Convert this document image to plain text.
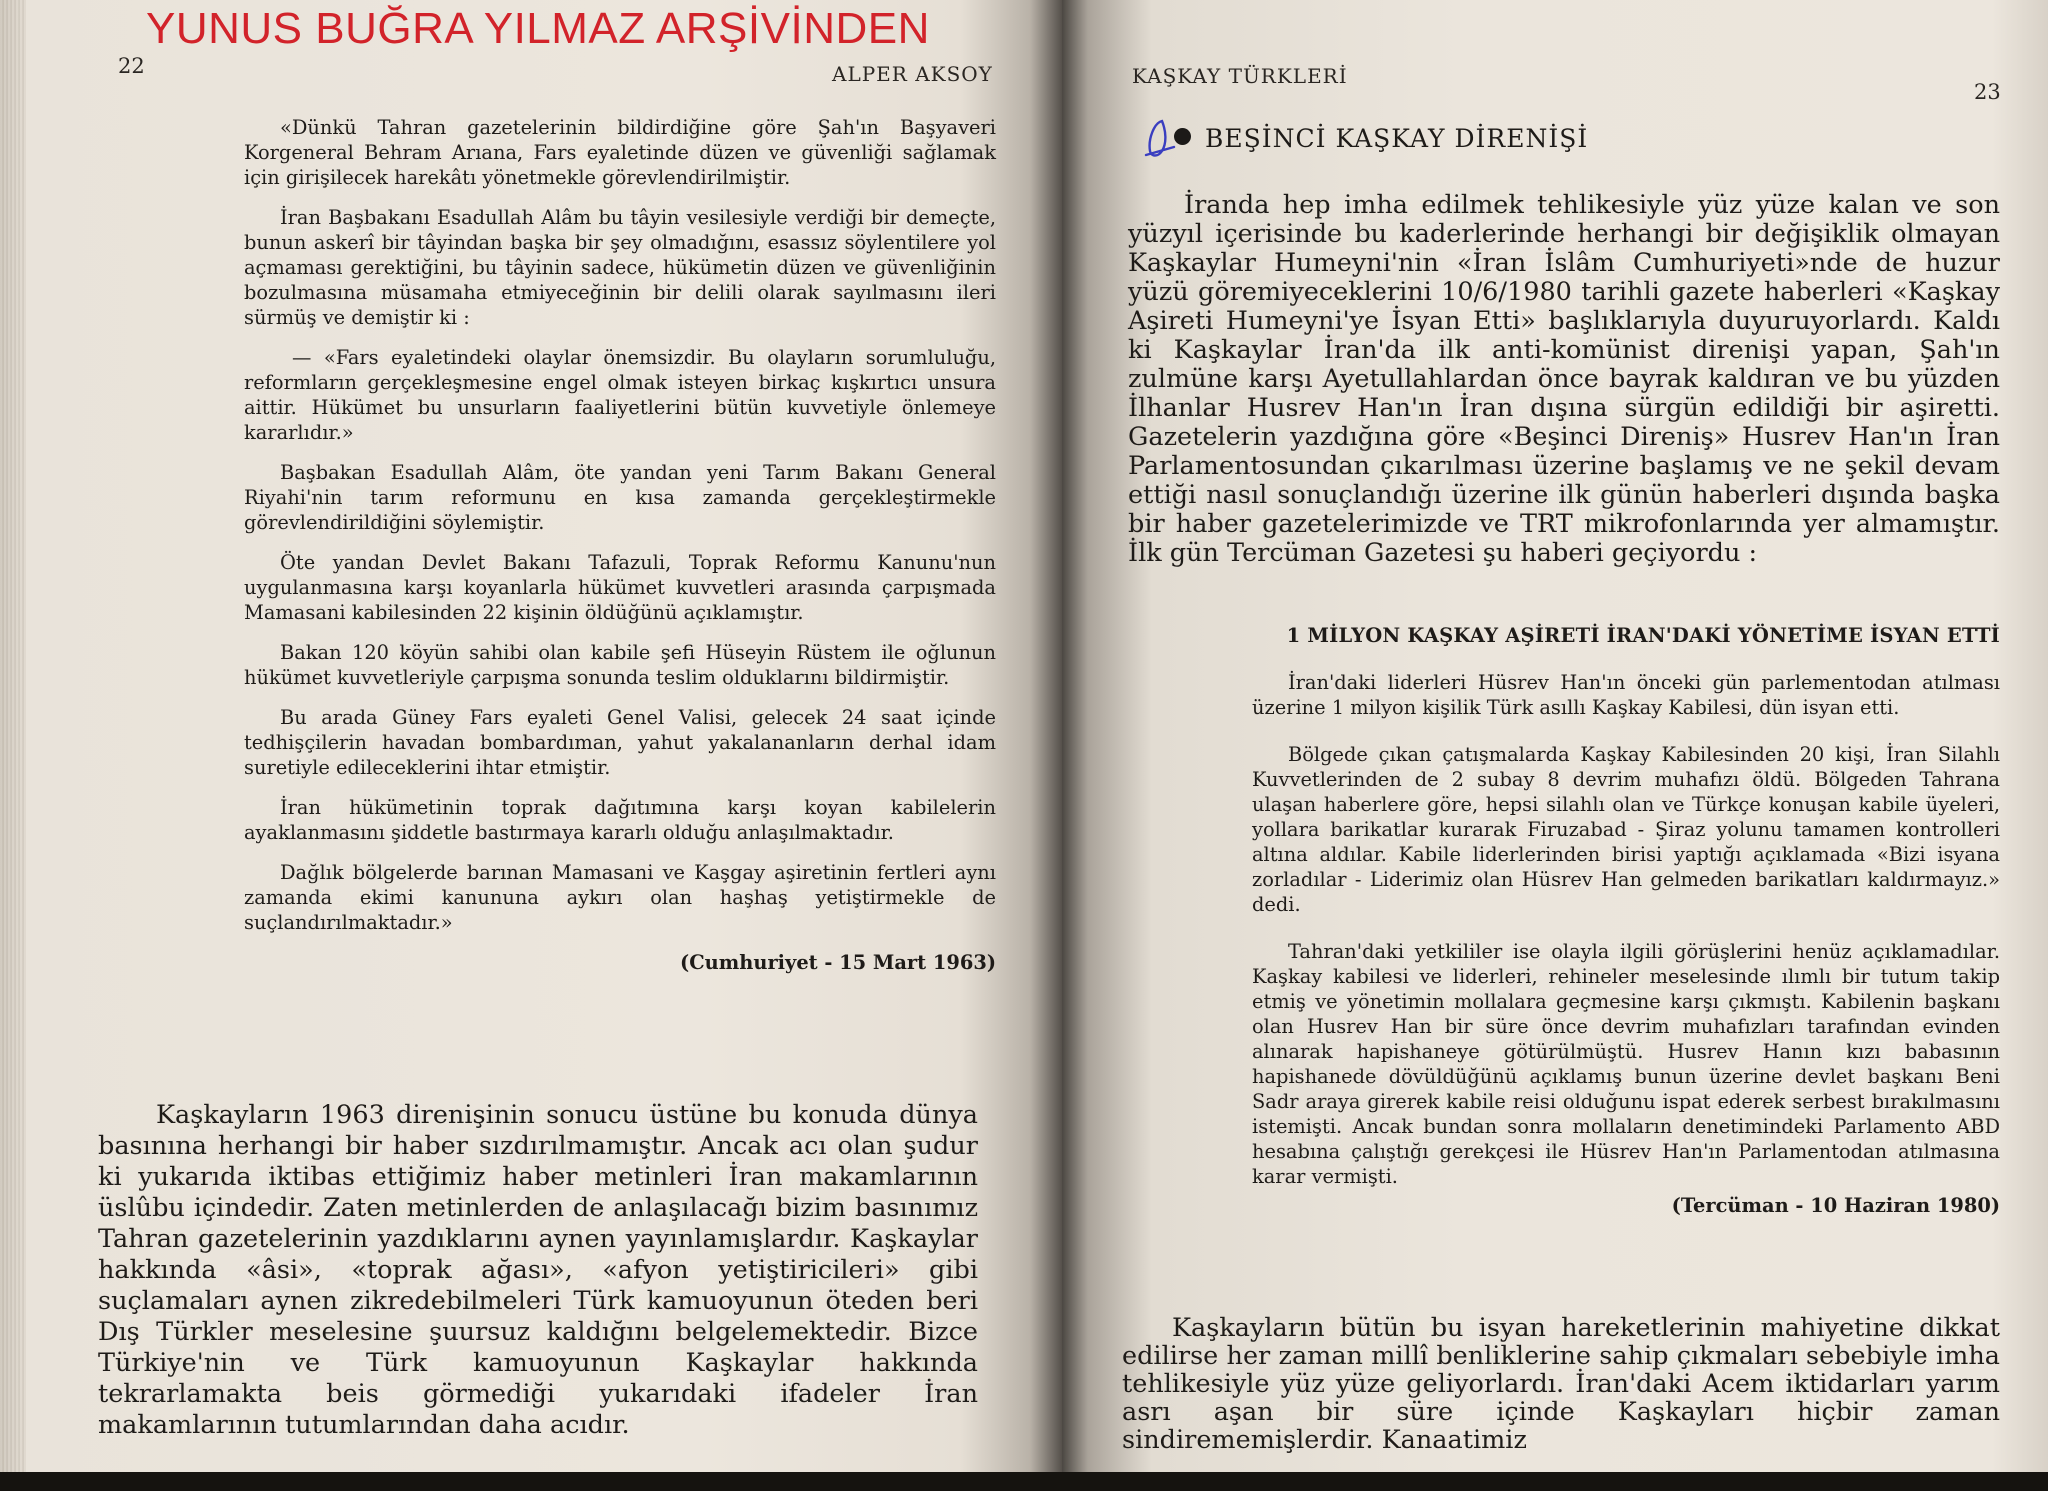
22	ALPER AKSOY

«Dünkü Tahran gazetelerinin bildirdiğine göre Şah'ın Başyaveri Korgeneral Behram Arıana, Fars eyaletinde düzen ve güvenliği sağlamak için girişilecek harekâtı yönetmekle görevlendirilmiştir.

İran Başbakanı Esadullah Alâm bu tâyin vesilesiyle verdiği bir demeçte, bunun askerî bir tâyindan başka bir şey olmadığını, esassız söylentilere yol açmaması gerektiğini, bu tâyinin sadece, hükümetin düzen ve güvenliğinin bozulmasına müsamaha etmiyeceğinin bir delili olarak sayılmasını ileri sürmüş ve demiştir ki :

— «Fars eyaletindeki olaylar önemsizdir. Bu olayların sorumluluğu, reformların gerçekleşmesine engel olmak isteyen birkaç kışkırtıcı unsura aittir. Hükümet bu unsurların faaliyetlerini bütün kuvvetiyle önlemeye kararlıdır.»

Başbakan Esadullah Alâm, öte yandan yeni Tarım Bakanı General Riyahi'nin tarım reformunu en kısa zamanda gerçekleştirmekle görevlendirildiğini söylemiştir.

Öte yandan Devlet Bakanı Tafazuli, Toprak Reformu Kanunu'nun uygulanmasına karşı koyanlarla hükümet kuvvetleri arasında çarpışmada Mamasani kabilesinden 22 kişinin öldüğünü açıklamıştır.

Bakan 120 köyün sahibi olan kabile şefi Hüseyin Rüstem ile oğlunun hükümet kuvvetleriyle çarpışma sonunda teslim olduklarını bildirmiştir.

Bu arada Güney Fars eyaleti Genel Valisi, gelecek 24 saat içinde tedhişçilerin havadan bombardıman, yahut yakalananların derhal idam suretiyle edileceklerini ihtar etmiştir.

İran hükümetinin toprak dağıtımına karşı koyan kabilelerin ayaklanmasını şiddetle bastırmaya kararlı olduğu anlaşılmaktadır.

Dağlık bölgelerde barınan Mamasani ve Kaşgay aşiretinin fertleri aynı zamanda ekimi kanununa aykırı olan haşhaş yetiştirmekle de suçlandırılmaktadır.»

(Cumhuriyet - 15 Mart 1963)

Kaşkayların 1963 direnişinin sonucu üstüne bu konuda dünya basınına herhangi bir haber sızdırılmamıştır. Ancak acı olan şudur ki yukarıda iktibas ettiğimiz haber metinleri İran makamlarının üslûbu içindedir. Zaten metinlerden de anlaşılacağı bizim basınımız Tahran gazetelerinin yazdıklarını aynen yayınlamışlardır. Kaşkaylar hakkında «âsi», «toprak ağası», «afyon yetiştiricileri» gibi suçlamaları aynen zikredebilmeleri Türk kamuoyunun öteden beri Dış Türkler meselesine şuursuz kaldığını belgelemektedir. Bizce Türkiye'nin ve Türk kamuoyunun Kaşkaylar hakkında tekrarlamakta beis görmediği yukarıdaki ifadeler İran makamlarının tutumlarından daha acıdır.

YUNUS BUĞRA YILMAZ ARŞİVİNDEN
KAŞKAY TÜRKLERİ
23
BEŞİNCİ KAŞKAY DİRENİŞİ

İranda hep imha edilmek tehlikesiyle yüz yüze kalan ve son yüzyıl içerisinde bu kaderlerinde herhangi bir değişiklik olmayan Kaşkaylar Humeyni'nin «İran İslâm Cumhuriyeti»nde de huzur yüzü göremiyeceklerini 10/6/1980 tarihli gazete haberleri «Kaşkay Aşireti Humeyni'ye İsyan Etti» başlıklarıyla duyuruyorlardı. Kaldı ki Kaşkaylar İran'da ilk anti-komünist direnişi yapan, Şah'ın zulmüne karşı Ayetullahlardan önce bayrak kaldıran ve bu yüzden İlhanlar Husrev Han'ın İran dışına sürgün edildiği bir aşiretti. Gazetelerin yazdığına göre «Beşinci Direniş» Husrev Han'ın İran Parlamentosundan çıkarılması üzerine başlamış ve ne şekil devam ettiği nasıl sonuçlandığı üzerine ilk günün haberleri dışında başka bir haber gazetelerimizde ve TRT mikrofonlarında yer almamıştır. İlk gün Tercüman Gazetesi şu haberi geçiyordu :

1 MİLYON KAŞKAY AŞİRETİ İRAN'DAKİ YÖNETİME İSYAN ETTİ

İran'daki liderleri Hüsrev Han'ın önceki gün parlementodan atılması üzerine 1 milyon kişilik Türk asıllı Kaşkay Kabilesi, dün isyan etti.

Bölgede çıkan çatışmalarda Kaşkay Kabilesinden 20 kişi, İran Silahlı Kuvvetlerinden de 2 subay 8 devrim muhafızı öldü. Bölgeden Tahrana ulaşan haberlere göre, hepsi silahlı olan ve Türkçe konuşan kabile üyeleri, yollara barikatlar kurarak Firuzabad - Şiraz yolunu tamamen kontrolleri altına aldılar. Kabile liderlerinden birisi yaptığı açıklamada «Bizi isyana zorladılar - Liderimiz olan Hüsrev Han gelmeden barikatları kaldırmayız.» dedi.

Tahran'daki yetkililer ise olayla ilgili görüşlerini henüz açıklamadılar. Kaşkay kabilesi ve liderleri, rehineler meselesinde ılımlı bir tutum takip etmiş ve yönetimin mollalara geçmesine karşı çıkmıştı. Kabilenin başkanı olan Husrev Han bir süre önce devrim muhafızları tarafından evinden alınarak hapishaneye götürülmüştü. Husrev Hanın kızı babasının hapishanede dövüldüğünü açıklamış bunun üzerine devlet başkanı Beni Sadr araya girerek kabile reisi olduğunu ispat ederek serbest bırakılmasını istemişti. Ancak bundan sonra mollaların denetimindeki Parlamento ABD hesabına çalıştığı gerekçesi ile Hüsrev Han'ın Parlamentodan atılmasına karar vermişti.

(Tercüman - 10 Haziran 1980)

Kaşkayların bütün bu isyan hareketlerinin mahiyetine dikkat edilirse her zaman millî benliklerine sahip çıkmaları sebebiyle imha tehlikesiyle yüz yüze geliyorlardı. İran'daki Acem iktidarları yarım asrı aşan bir süre içinde Kaşkayları hiçbir zaman sindirememişlerdir. Kanaatimiz
